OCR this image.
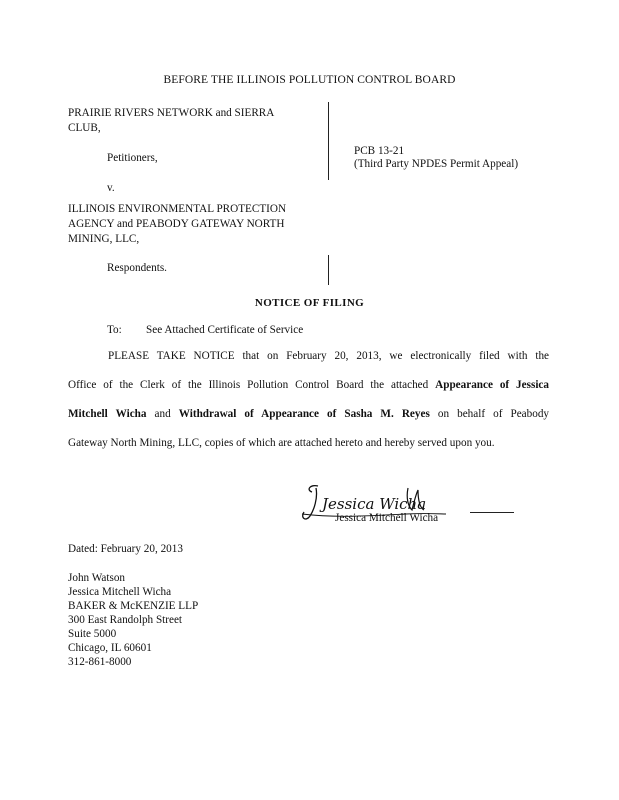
BEFORE THE ILLINOIS POLLUTION CONTROL BOARD
PRAIRIE RIVERS NETWORK and SIERRA
CLUB,
Petitioners,
v.
ILLINOIS ENVIRONMENTAL PROTECTION
AGENCY and PEABODY GATEWAY NORTH
MINING, LLC,
Respondents.
PCB 13-21
(Third Party NPDES Permit Appeal)
NOTICE OF FILING
To: See Attached Certificate of Service

PLEASE TAKE NOTICE that on February 20, 2013, we electronically filed with the

Office of the Clerk of the Illinois Pollution Control Board the attached Appearance of Jessica

Mitchell Wicha and Withdrawal of Appearance of Sasha M. Reyes on behalf of Peabody

Gateway North Mining, LLC, copies of which are attached hereto and hereby served upon you.

Jessica Wicha
Jessica Mitchell Wicha
Dated: February 20, 2013
John Watson
Jessica Mitchell Wicha
BAKER & McKENZIE LLP
300 East Randolph Street
Suite 5000
Chicago, IL 60601
312-861-8000
